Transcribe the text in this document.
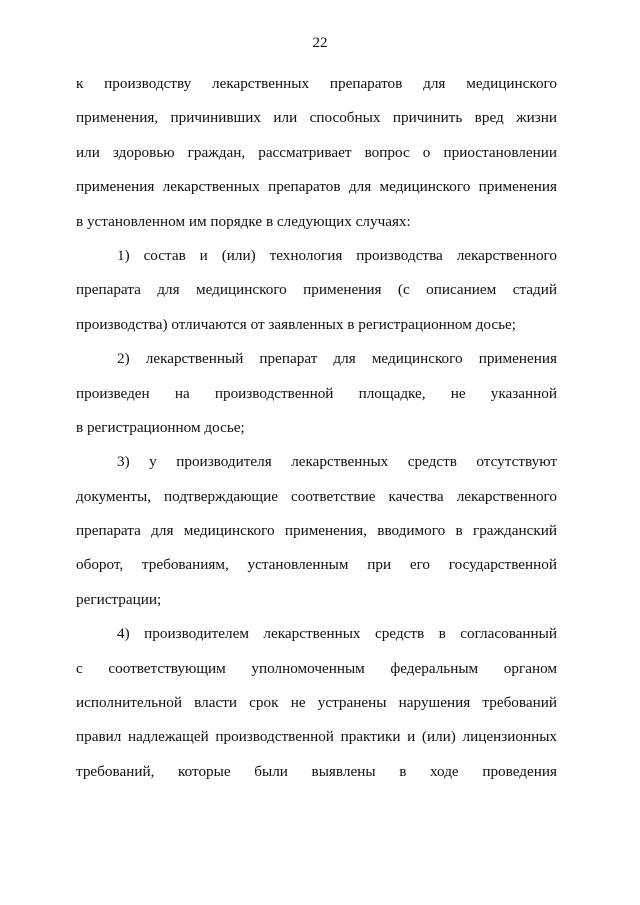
22
к производству лекарственных препаратов для медицинского
применения, причинивших или способных причинить вред жизни
или здоровью граждан, рассматривает вопрос о приостановлении
применения лекарственных препаратов для медицинского применения
в установленном им порядке в следующих случаях:
1) состав и (или) технология производства лекарственного
препарата для медицинского применения (с описанием стадий
производства) отличаются от заявленных в регистрационном досье;
2) лекарственный препарат для медицинского применения
произведен на производственной площадке, не указанной
в регистрационном досье;
3) у производителя лекарственных средств отсутствуют
документы, подтверждающие соответствие качества лекарственного
препарата для медицинского применения, вводимого в гражданский
оборот, требованиям, установленным при его государственной
регистрации;
4) производителем лекарственных средств в согласованный
с соответствующим уполномоченным федеральным органом
исполнительной власти срок не устранены нарушения требований
правил надлежащей производственной практики и (или) лицензионных
требований, которые были выявлены в ходе проведения
